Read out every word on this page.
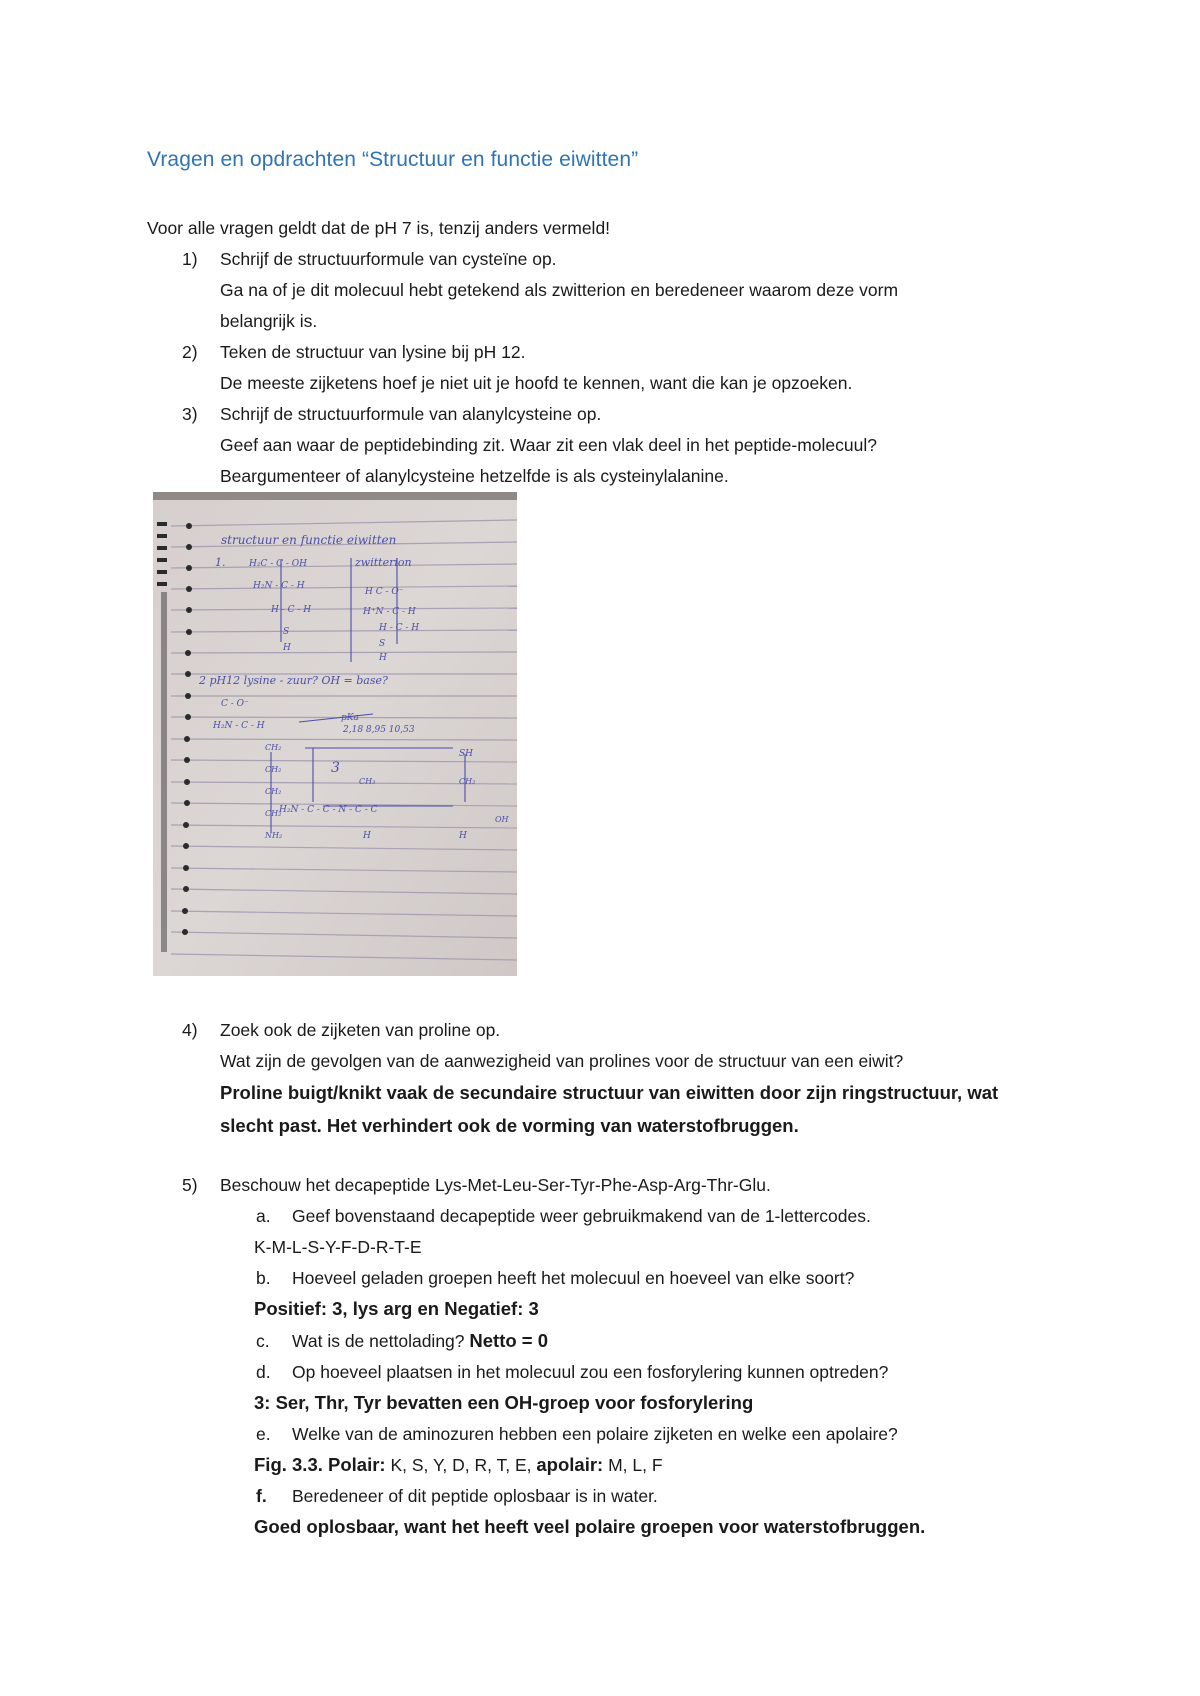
Vragen en opdrachten “Structuur en functie eiwitten”
Voor alle vragen geldt dat de pH 7 is, tenzij anders vermeld!
1) Schrijf de structuurformule van cysteïne op.
Ga na of je dit molecuul hebt getekend als zwitterion en beredeneer waarom deze vorm
belangrijk is.
2) Teken de structuur van lysine bij pH 12.
De meeste zijketens hoef je niet uit je hoofd te kennen, want die kan je opzoeken.
3) Schrijf de structuurformule van alanylcysteine op.
Geef aan waar de peptidebinding zit. Waar zit een vlak deel in het peptide-molecuul?
Beargumenteer of alanylcysteine hetzelfde is als cysteinylalanine.
structuur en functie eiwitten
1.	zwitterion
H₂C - C - OH
H₂N - C - H
H C - O⁻
H⁺N - C - H
H - C - H
S
H
H - C - H
S
H
2 pH12 lysine - zuur? OH = base?
C - O⁻
H₂N - C - H
pKa
2,18 8,95 10,53
CH₂
CH₂
CH₂
CH₂
NH₂
3
SH
CH₂
CH₃
H₂N - C - C - N - C - C
OH
H	H
4) Zoek ook de zijketen van proline op.
Wat zijn de gevolgen van de aanwezigheid van prolines voor de structuur van een eiwit?
Proline buigt/knikt vaak de secundaire structuur van eiwitten door zijn ringstructuur, wat
slecht past. Het verhindert ook de vorming van waterstofbruggen.
5) Beschouw het decapeptide Lys-Met-Leu-Ser-Tyr-Phe-Asp-Arg-Thr-Glu.
a. Geef bovenstaand decapeptide weer gebruikmakend van de 1-lettercodes.
K-M-L-S-Y-F-D-R-T-E
b. Hoeveel geladen groepen heeft het molecuul en hoeveel van elke soort?
Positief: 3, lys arg en Negatief: 3
c. Wat is de nettolading? Netto = 0
d. Op hoeveel plaatsen in het molecuul zou een fosforylering kunnen optreden?
3: Ser, Thr, Tyr bevatten een OH-groep voor fosforylering
e. Welke van de aminozuren hebben een polaire zijketen en welke een apolaire?
Fig. 3.3. Polair: K, S, Y, D, R, T, E, apolair: M, L, F
f. Beredeneer of dit peptide oplosbaar is in water.
Goed oplosbaar, want het heeft veel polaire groepen voor waterstofbruggen.
